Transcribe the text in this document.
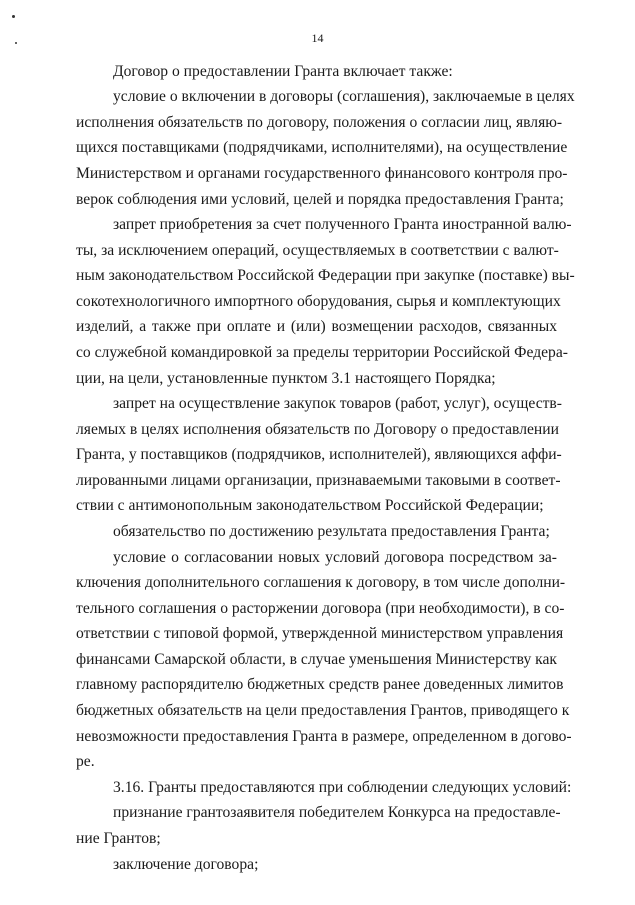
14
Договор о предоставлении Гранта включает также:
условие о включении в договоры (соглашения), заключаемые в целях
исполнения обязательств по договору, положения о согласии лиц, являю-
щихся поставщиками (подрядчиками, исполнителями), на осуществление
Министерством и органами государственного финансового контроля про-
верок соблюдения ими условий, целей и порядка предоставления Гранта;
запрет приобретения за счет полученного Гранта иностранной валю-
ты, за исключением операций, осуществляемых в соответствии с валют-
ным законодательством Российской Федерации при закупке (поставке) вы-
сокотехнологичного импортного оборудования, сырья и комплектующих
изделий, а также при оплате и (или) возмещении расходов, связанных
со служебной командировкой за пределы территории Российской Федера-
ции, на цели, установленные пунктом 3.1 настоящего Порядка;
запрет на осуществление закупок товаров (работ, услуг), осуществ-
ляемых в целях исполнения обязательств по Договору о предоставлении
Гранта, у поставщиков (подрядчиков, исполнителей), являющихся аффи-
лированными лицами организации, признаваемыми таковыми в соответ-
ствии с антимонопольным законодательством Российской Федерации;
обязательство по достижению результата предоставления Гранта;
условие о согласовании новых условий договора посредством за-
ключения дополнительного соглашения к договору, в том числе дополни-
тельного соглашения о расторжении договора (при необходимости), в со-
ответствии с типовой формой, утвержденной министерством управления
финансами Самарской области, в случае уменьшения Министерству как
главному распорядителю бюджетных средств ранее доведенных лимитов
бюджетных обязательств на цели предоставления Грантов, приводящего к
невозможности предоставления Гранта в размере, определенном в догово-
ре.
3.16. Гранты предоставляются при соблюдении следующих условий:
признание грантозаявителя победителем Конкурса на предоставле-
ние Грантов;
заключение договора;
